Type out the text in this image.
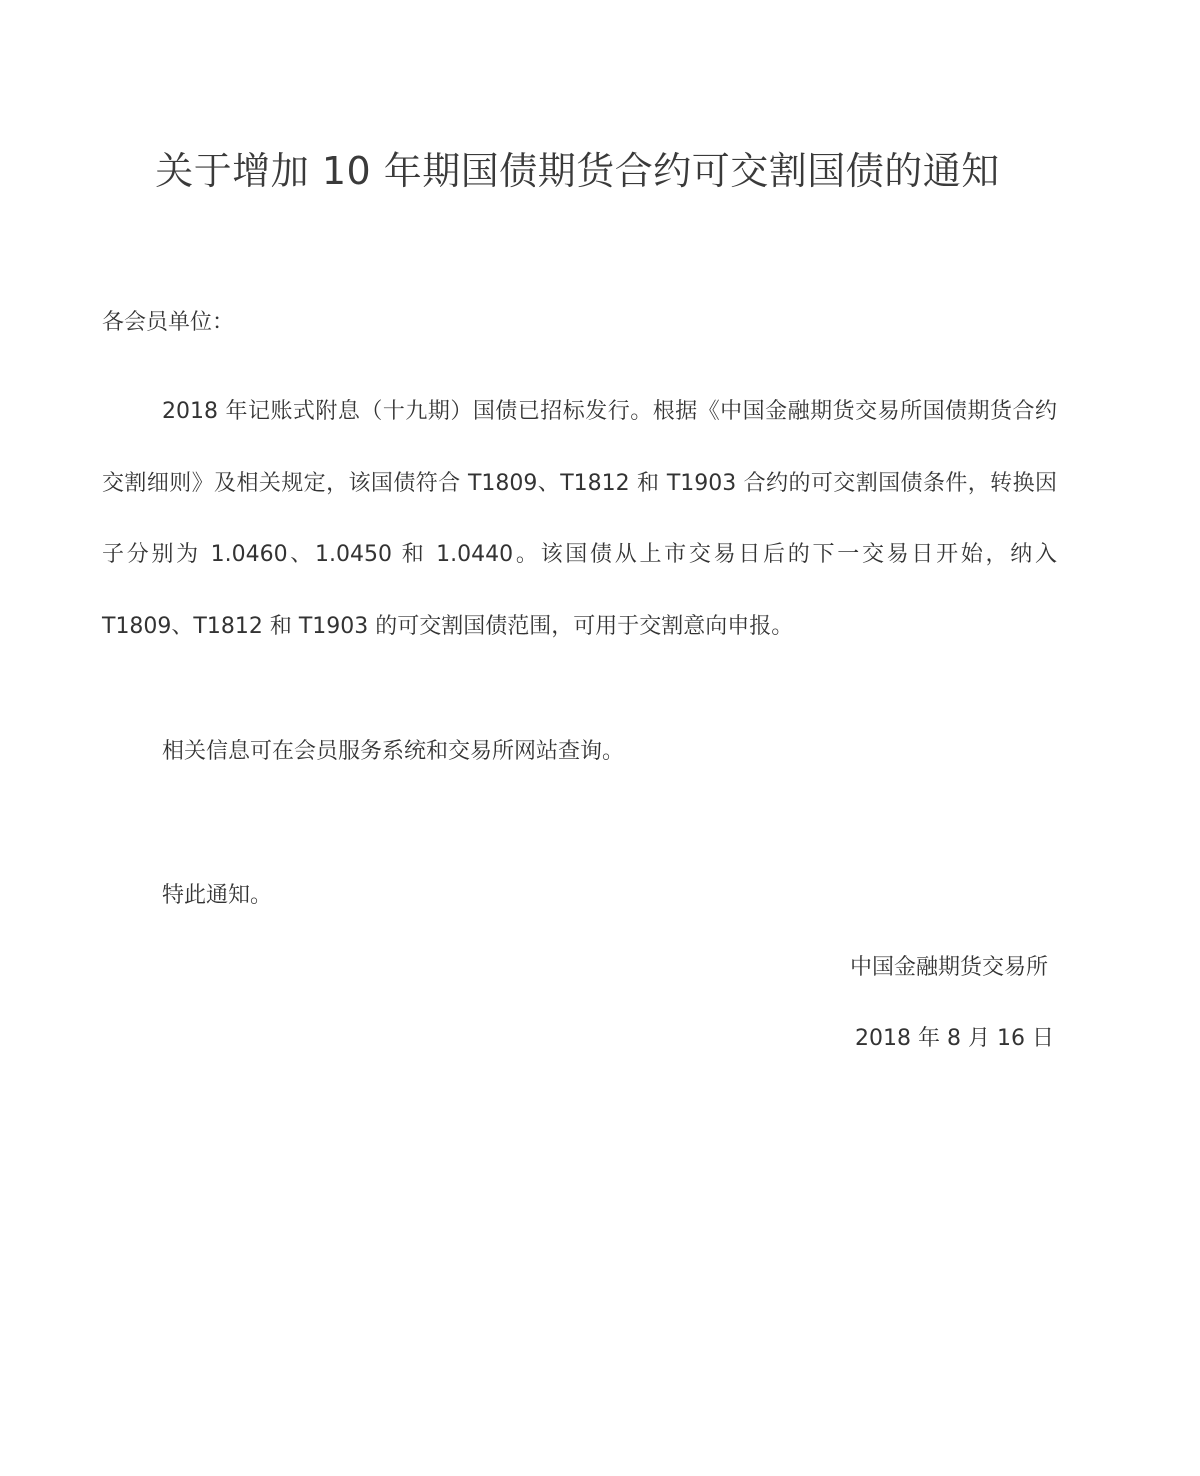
关于增加 10 年期国债期货合约可交割国债的通知

各会员单位：

2018 年记账式附息（十九期）国债已招标发行。根据《中国金融期货交易所国债期货合约交割细则》及相关规定，该国债符合 T1809、T1812 和 T1903 合约的可交割国债条件，转换因子分别为 1.0460、1.0450 和 1.0440。该国债从上市交易日后的下一交易日开始，纳入 T1809、T1812 和 T1903 的可交割国债范围，可用于交割意向申报。

相关信息可在会员服务系统和交易所网站查询。

特此通知。

中国金融期货交易所

2018 年 8 月 16 日
